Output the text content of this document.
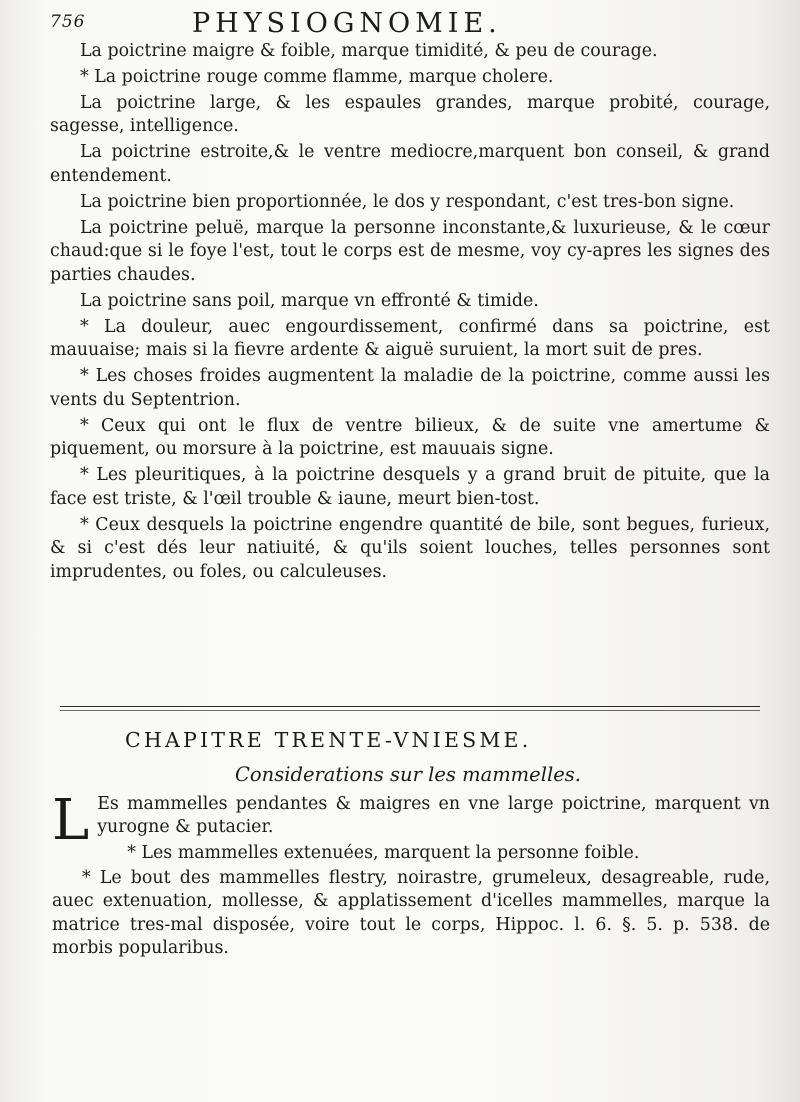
756	PHYSIOGNOMIE.

La poictrine maigre & foible, marque timidité, & peu de courage.

* La poictrine rouge comme flamme, marque cholere.

La poictrine large, & les espaules grandes, marque probité, courage, sagesse, intelligence.

La poictrine estroite,& le ventre mediocre,marquent bon conseil, & grand entendement.

La poictrine bien proportionnée, le dos y respondant, c'est tres-bon signe.

La poictrine peluë, marque la personne inconstante,& luxurieuse, & le cœur chaud:que si le foye l'est, tout le corps est de mesme, voy cy-apres les signes des parties chaudes.

La poictrine sans poil, marque vn effronté & timide.

* La douleur, auec engourdissement, confirmé dans sa poictrine, est mauuaise; mais si la fievre ardente & aiguë suruient, la mort suit de pres.

* Les choses froides augmentent la maladie de la poictrine, comme aussi les vents du Septentrion.

* Ceux qui ont le flux de ventre bilieux, & de suite vne amertume & piquement, ou morsure à la poictrine, est mauuais signe.

* Les pleuritiques, à la poictrine desquels y a grand bruit de pituite, que la face est triste, & l'œil trouble & iaune, meurt bien-tost.

* Ceux desquels la poictrine engendre quantité de bile, sont begues, furieux, & si c'est dés leur natiuité, & qu'ils soient louches, telles personnes sont imprudentes, ou foles, ou calculeuses.

CHAPITRE TRENTE-VNIESME.
Considerations sur les mammelles.

L Es mammelles pendantes & maigres en vne large poictrine, marquent vn yurogne & putacier.

* Les mammelles extenuées, marquent la personne foible.

* Le bout des mammelles flestry, noirastre, grumeleux, desagreable, rude, auec extenuation, mollesse, & applatissement d'icelles mammelles, marque la matrice tres-mal disposée, voire tout le corps, Hippoc. l. 6. §. 5. p. 538. de morbis popularibus.
